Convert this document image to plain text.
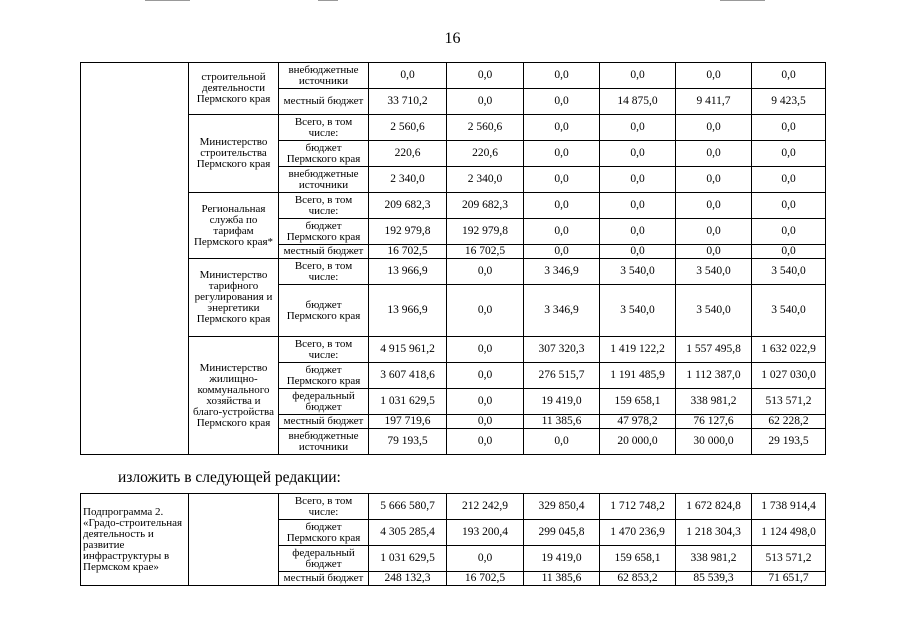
16
	строительной деятельности Пермского края	внебюджетные источники	0,0	0,0	0,0	0,0	0,0	0,0
		местный бюджет	33 710,2	0,0	0,0	14 875,0	9 411,7	9 423,5
	Министерство строительства Пермского края	Всего, в том числе:	2 560,6	2 560,6	0,0	0,0	0,0	0,0
		бюджет Пермского края	220,6	220,6	0,0	0,0	0,0	0,0
		внебюджетные источники	2 340,0	2 340,0	0,0	0,0	0,0	0,0
	Региональная служба по тарифам Пермского края*	Всего, в том числе:	209 682,3	209 682,3	0,0	0,0	0,0	0,0
		бюджет Пермского края	192 979,8	192 979,8	0,0	0,0	0,0	0,0
		местный бюджет	16 702,5	16 702,5	0,0	0,0	0,0	0,0
	Министерство тарифного регулирования и энергетики Пермского края	Всего, в том числе:	13 966,9	0,0	3 346,9	3 540,0	3 540,0	3 540,0
		бюджет Пермского края	13 966,9	0,0	3 346,9	3 540,0	3 540,0	3 540,0
	Министерство жилищно-коммунального хозяйства и благо-устройства Пермского края	Всего, в том числе:	4 915 961,2	0,0	307 320,3	1 419 122,2	1 557 495,8	1 632 022,9
		бюджет Пермского края	3 607 418,6	0,0	276 515,7	1 191 485,9	1 112 387,0	1 027 030,0
		федеральный бюджет	1 031 629,5	0,0	19 419,0	159 658,1	338 981,2	513 571,2
		местный бюджет	197 719,6	0,0	11 385,6	47 978,2	76 127,6	62 228,2
		внебюджетные источники	79 193,5	0,0	0,0	20 000,0	30 000,0	29 193,5
изложить в следующей редакции:
Подпрограмма 2. «Градо-строительная деятельность и развитие инфраструктуры в Пермском крае»		Всего, в том числе:	5 666 580,7	212 242,9	329 850,4	1 712 748,2	1 672 824,8	1 738 914,4
		бюджет Пермского края	4 305 285,4	193 200,4	299 045,8	1 470 236,9	1 218 304,3	1 124 498,0
		федеральный бюджет	1 031 629,5	0,0	19 419,0	159 658,1	338 981,2	513 571,2
		местный бюджет	248 132,3	16 702,5	11 385,6	62 853,2	85 539,3	71 651,7
